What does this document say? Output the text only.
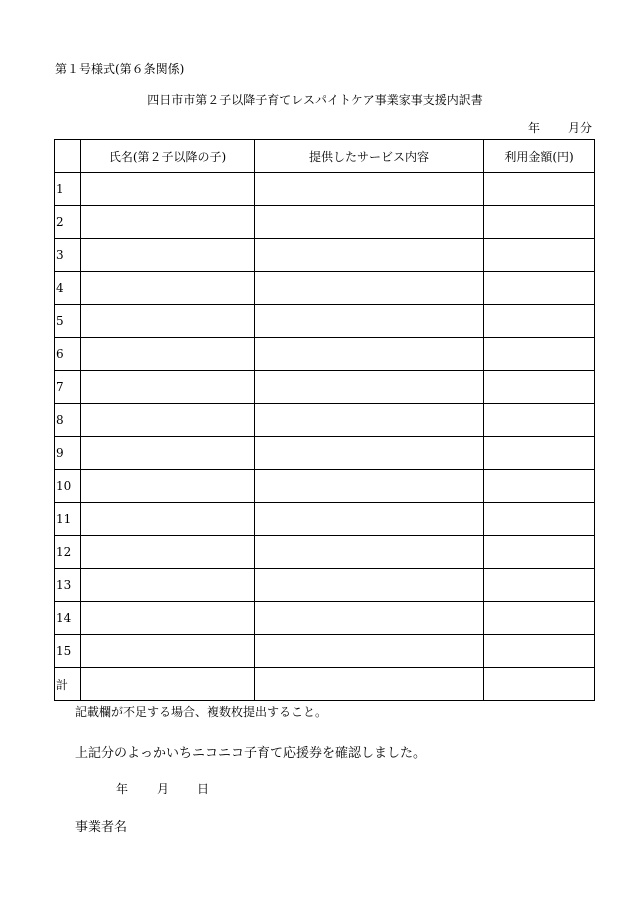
第１号様式(第６条関係)
四日市市第２子以降子育てレスパイトケア事業家事支援内訳書
年 月分
	氏名(第２子以降の子)	提供したサービス内容	利用金額(円)
1			
2			
3			
4			
5			
6			
7			
8			
9			
10			
11			
12			
13			
14			
15			
計			
記載欄が不足する場合、複数枚提出すること。
上記分のよっかいちニコニコ子育て応援券を確認しました。
年 月 日
事業者名
